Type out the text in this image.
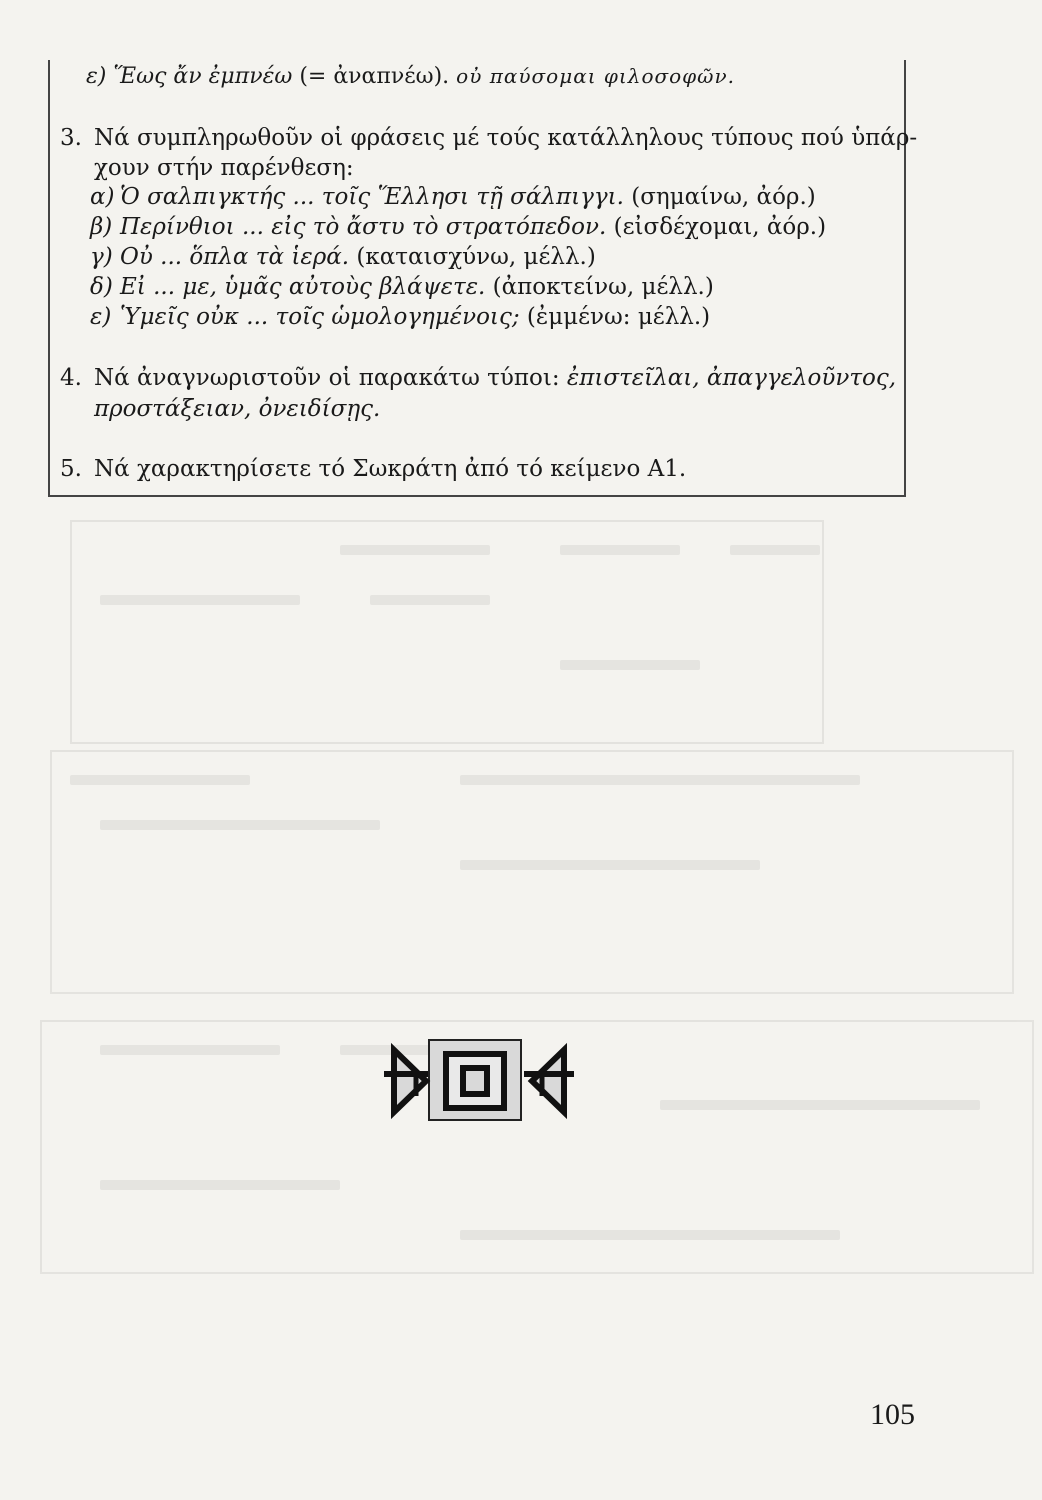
ε) Ἕως ἄν ἐμπνέω (= ἀναπνέω). οὐ παύσομαι φιλοσοφῶν.
3. Νά συμπληρωθοῦν οἱ φράσεις μέ τούς κατάλληλους τύπους πού ὑπάρ-
χουν στήν παρένθεση:
α) Ὁ σαλπιγκτής ... τοῖς Ἕλλησι τῇ σάλπιγγι. (σημαίνω, ἀόρ.)
β) Περίνθιοι ... εἰς τὸ ἄστυ τὸ στρατόπεδον. (εἰσδέχομαι, ἀόρ.)
γ) Οὐ ... ὅπλα τὰ ἱερά. (καταισχύνω, μέλλ.)
δ) Εἰ ... με, ὑμᾶς αὐτοὺς βλάψετε. (ἀποκτείνω, μέλλ.)
ε) Ὑμεῖς οὐκ ... τοῖς ὡμολογημένοις; (ἐμμένω: μέλλ.)
4. Νά ἀναγνωριστοῦν οἱ παρακάτω τύποι: ἐπιστεῖλαι, ἀπαγγελοῦντος,
προστάξειαν, ὀνειδίσῃς.
5. Νά χαρακτηρίσετε τό Σωκράτη ἀπό τό κείμενο Α1.
105
